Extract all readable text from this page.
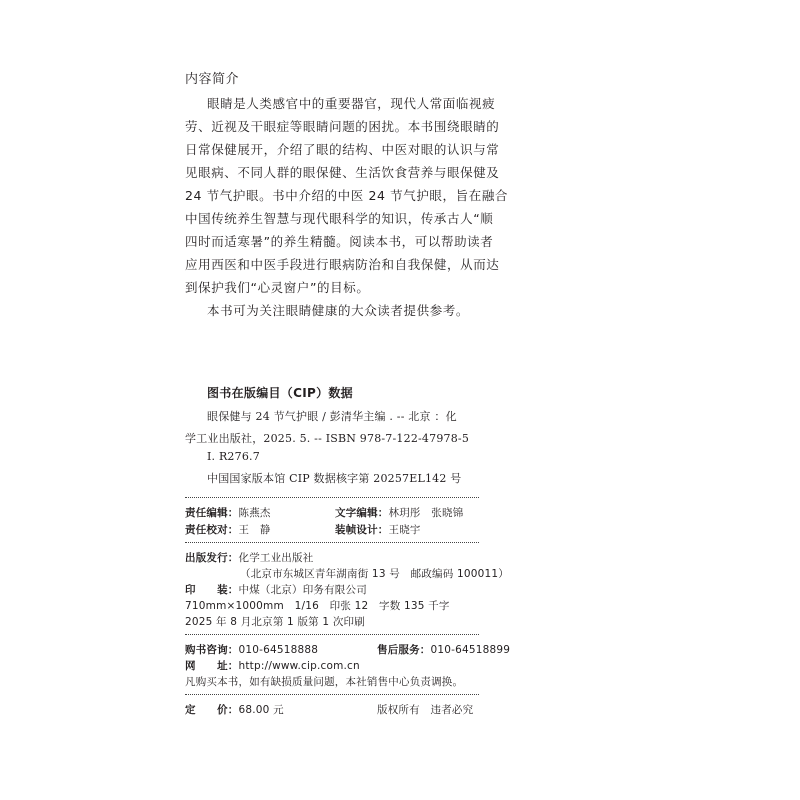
内容简介
眼睛是人类感官中的重要器官，现代人常面临视疲
劳、近视及干眼症等眼睛问题的困扰。本书围绕眼睛的
日常保健展开，介绍了眼的结构、中医对眼的认识与常
见眼病、不同人群的眼保健、生活饮食营养与眼保健及
24 节气护眼。书中介绍的中医 24 节气护眼，旨在融合
中国传统养生智慧与现代眼科学的知识，传承古人“顺
四时而适寒暑”的养生精髓。阅读本书，可以帮助读者
应用西医和中医手段进行眼病防治和自我保健，从而达
到保护我们“心灵窗户”的目标。
本书可为关注眼睛健康的大众读者提供参考。
图书在版编目（CIP）数据
眼保健与 24 节气护眼 / 彭清华主编 . -- 北京 ：化
学工业出版社，2025. 5. -- ISBN 978-7-122-47978-5
Ⅰ. R276.7
中国国家版本馆 CIP 数据核字第 20257EL142 号
责任编辑：陈燕杰	文字编辑：林玥彤　张晓锦
责任校对：王　静	装帧设计：王晓宇
出版发行：化学工业出版社
（北京市东城区青年湖南街 13 号　邮政编码 100011）
印　　装：中煤（北京）印务有限公司
710mm×1000mm　1/16　印张 12　字数 135 千字
2025 年 8 月北京第 1 版第 1 次印刷
购书咨询：010-64518888	售后服务：010-64518899
网　　址：http://www.cip.com.cn
凡购买本书，如有缺损质量问题，本社销售中心负责调换。
定　　价：68.00 元	版权所有　违者必究
